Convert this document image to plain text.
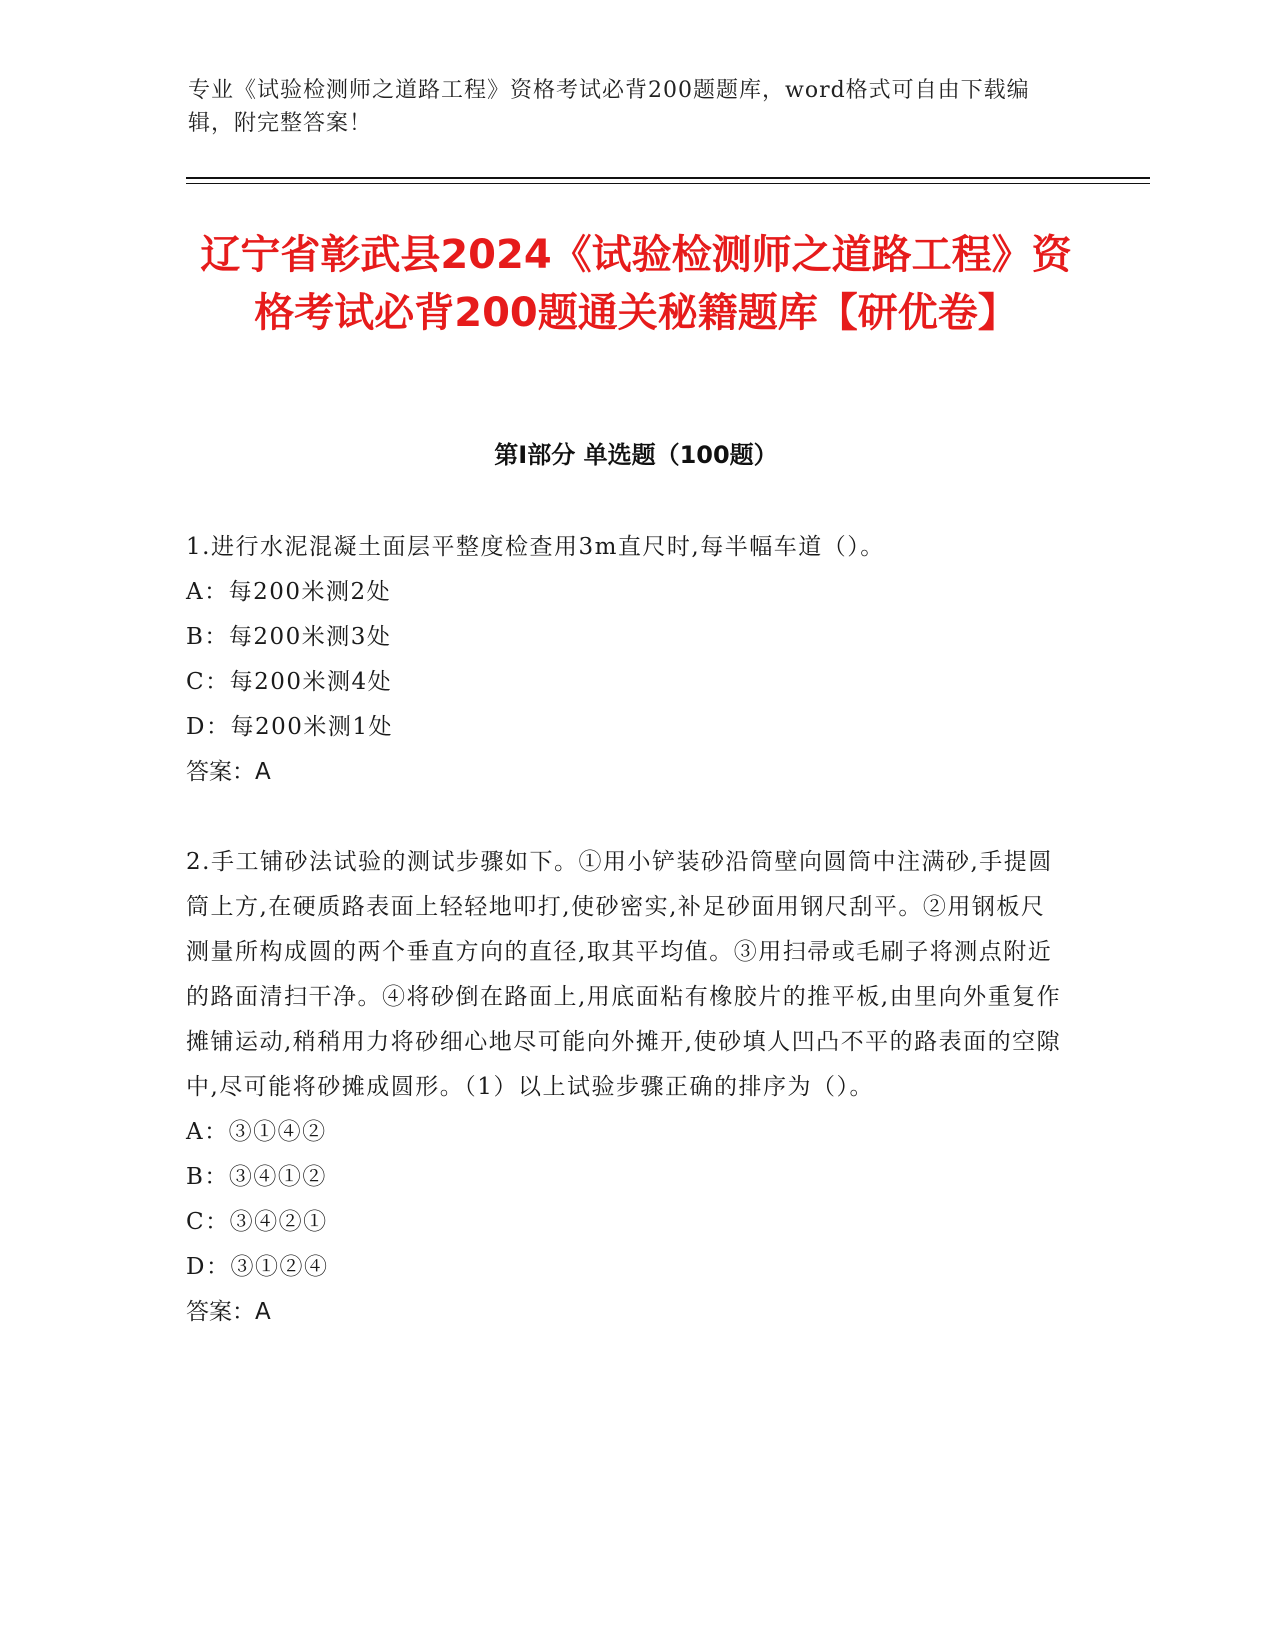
专业《试验检测师之道路工程》资格考试必背200题题库，word格式可自由下载编辑，附完整答案！
辽宁省彰武县2024《试验检测师之道路工程》资格考试必背200题通关秘籍题库【研优卷】
第Ⅰ部分 单选题（100题）

1.进行水泥混凝土面层平整度检查用3m直尺时,每半幅车道（）。

A：每200米测2处

B：每200米测3处

C：每200米测4处

D：每200米测1处

答案：A

2.手工铺砂法试验的测试步骤如下。①用小铲装砂沿筒壁向圆筒中注满砂,手提圆筒上方,在硬质路表面上轻轻地叩打,使砂密实,补足砂面用钢尺刮平。②用钢板尺测量所构成圆的两个垂直方向的直径,取其平均值。③用扫帚或毛刷子将测点附近的路面清扫干净。④将砂倒在路面上,用底面粘有橡胶片的推平板,由里向外重复作摊铺运动,稍稍用力将砂细心地尽可能向外摊开,使砂填人凹凸不平的路表面的空隙中,尽可能将砂摊成圆形。（1）以上试验步骤正确的排序为（）。

A：③①④②

B：③④①②

C：③④②①

D：③①②④

答案：A
